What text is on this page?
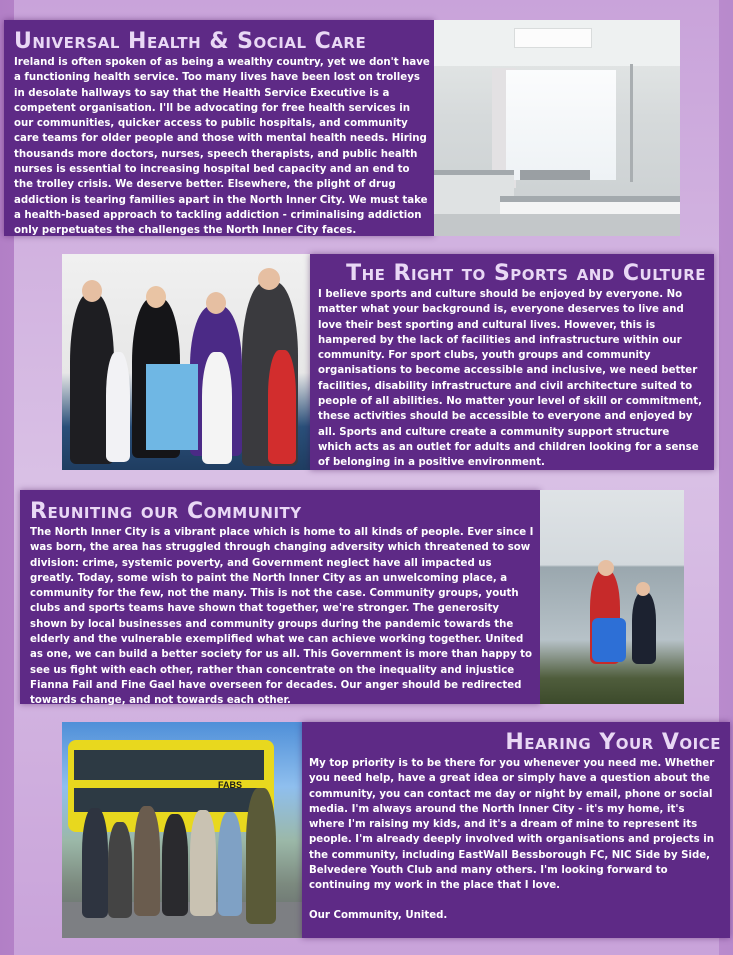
Universal Health & Social Care

Ireland is often spoken of as being a wealthy country, yet we don't have a functioning health service. Too many lives have been lost on trolleys in desolate hallways to say that the Health Service Executive is a competent organisation. I'll be advocating for free health services in our communities, quicker access to public hospitals, and community care teams for older people and those with mental health needs. Hiring thousands more doctors, nurses, speech therapists, and public health nurses is essential to increasing hospital bed capacity and an end to the trolley crisis. We deserve better. Elsewhere, the plight of drug addiction is tearing families apart in the North Inner City. We must take a health-based approach to tackling addiction - criminalising addiction only perpetuates the challenges the North Inner City faces.

The Right to Sports and Culture

I believe sports and culture should be enjoyed by everyone. No matter what your background is, everyone deserves to live and love their best sporting and cultural lives. However, this is hampered by the lack of facilities and infrastructure within our community. For sport clubs, youth groups and community organisations to become accessible and inclusive, we need better facilities, disability infrastructure and civil architecture suited to people of all abilities. No matter your level of skill or commitment, these activities should be accessible to everyone and enjoyed by all. Sports and culture create a community support structure which acts as an outlet for adults and children looking for a sense of belonging in a positive environment.

Reuniting our Community

The North Inner City is a vibrant place which is home to all kinds of people. Ever since I was born, the area has struggled through changing adversity which threatened to sow division: crime, systemic poverty, and Government neglect have all impacted us greatly. Today, some wish to paint the North Inner City as an unwelcoming place, a community for the few, not the many. This is not the case. Community groups, youth clubs and sports teams have shown that together, we're stronger. The generosity shown by local businesses and community groups during the pandemic towards the elderly and the vulnerable exemplified what we can achieve working together. United as one, we can build a better society for us all. This Government is more than happy to see us fight with each other, rather than concentrate on the inequality and injustice Fianna Fail and Fine Gael have overseen for decades. Our anger should be redirected towards change, and not towards each other.

FABS
Hearing Your Voice

My top priority is to be there for you whenever you need me. Whether you need help, have a great idea or simply have a question about the community, you can contact me day or night by email, phone or social media. I'm always around the North Inner City - it's my home, it's where I'm raising my kids, and it's a dream of mine to represent its people. I'm already deeply involved with organisations and projects in the community, including EastWall Bessborough FC, NIC Side by Side, Belvedere Youth Club and many others. I'm looking forward to continuing my work in the place that I love.

Our Community, United.
